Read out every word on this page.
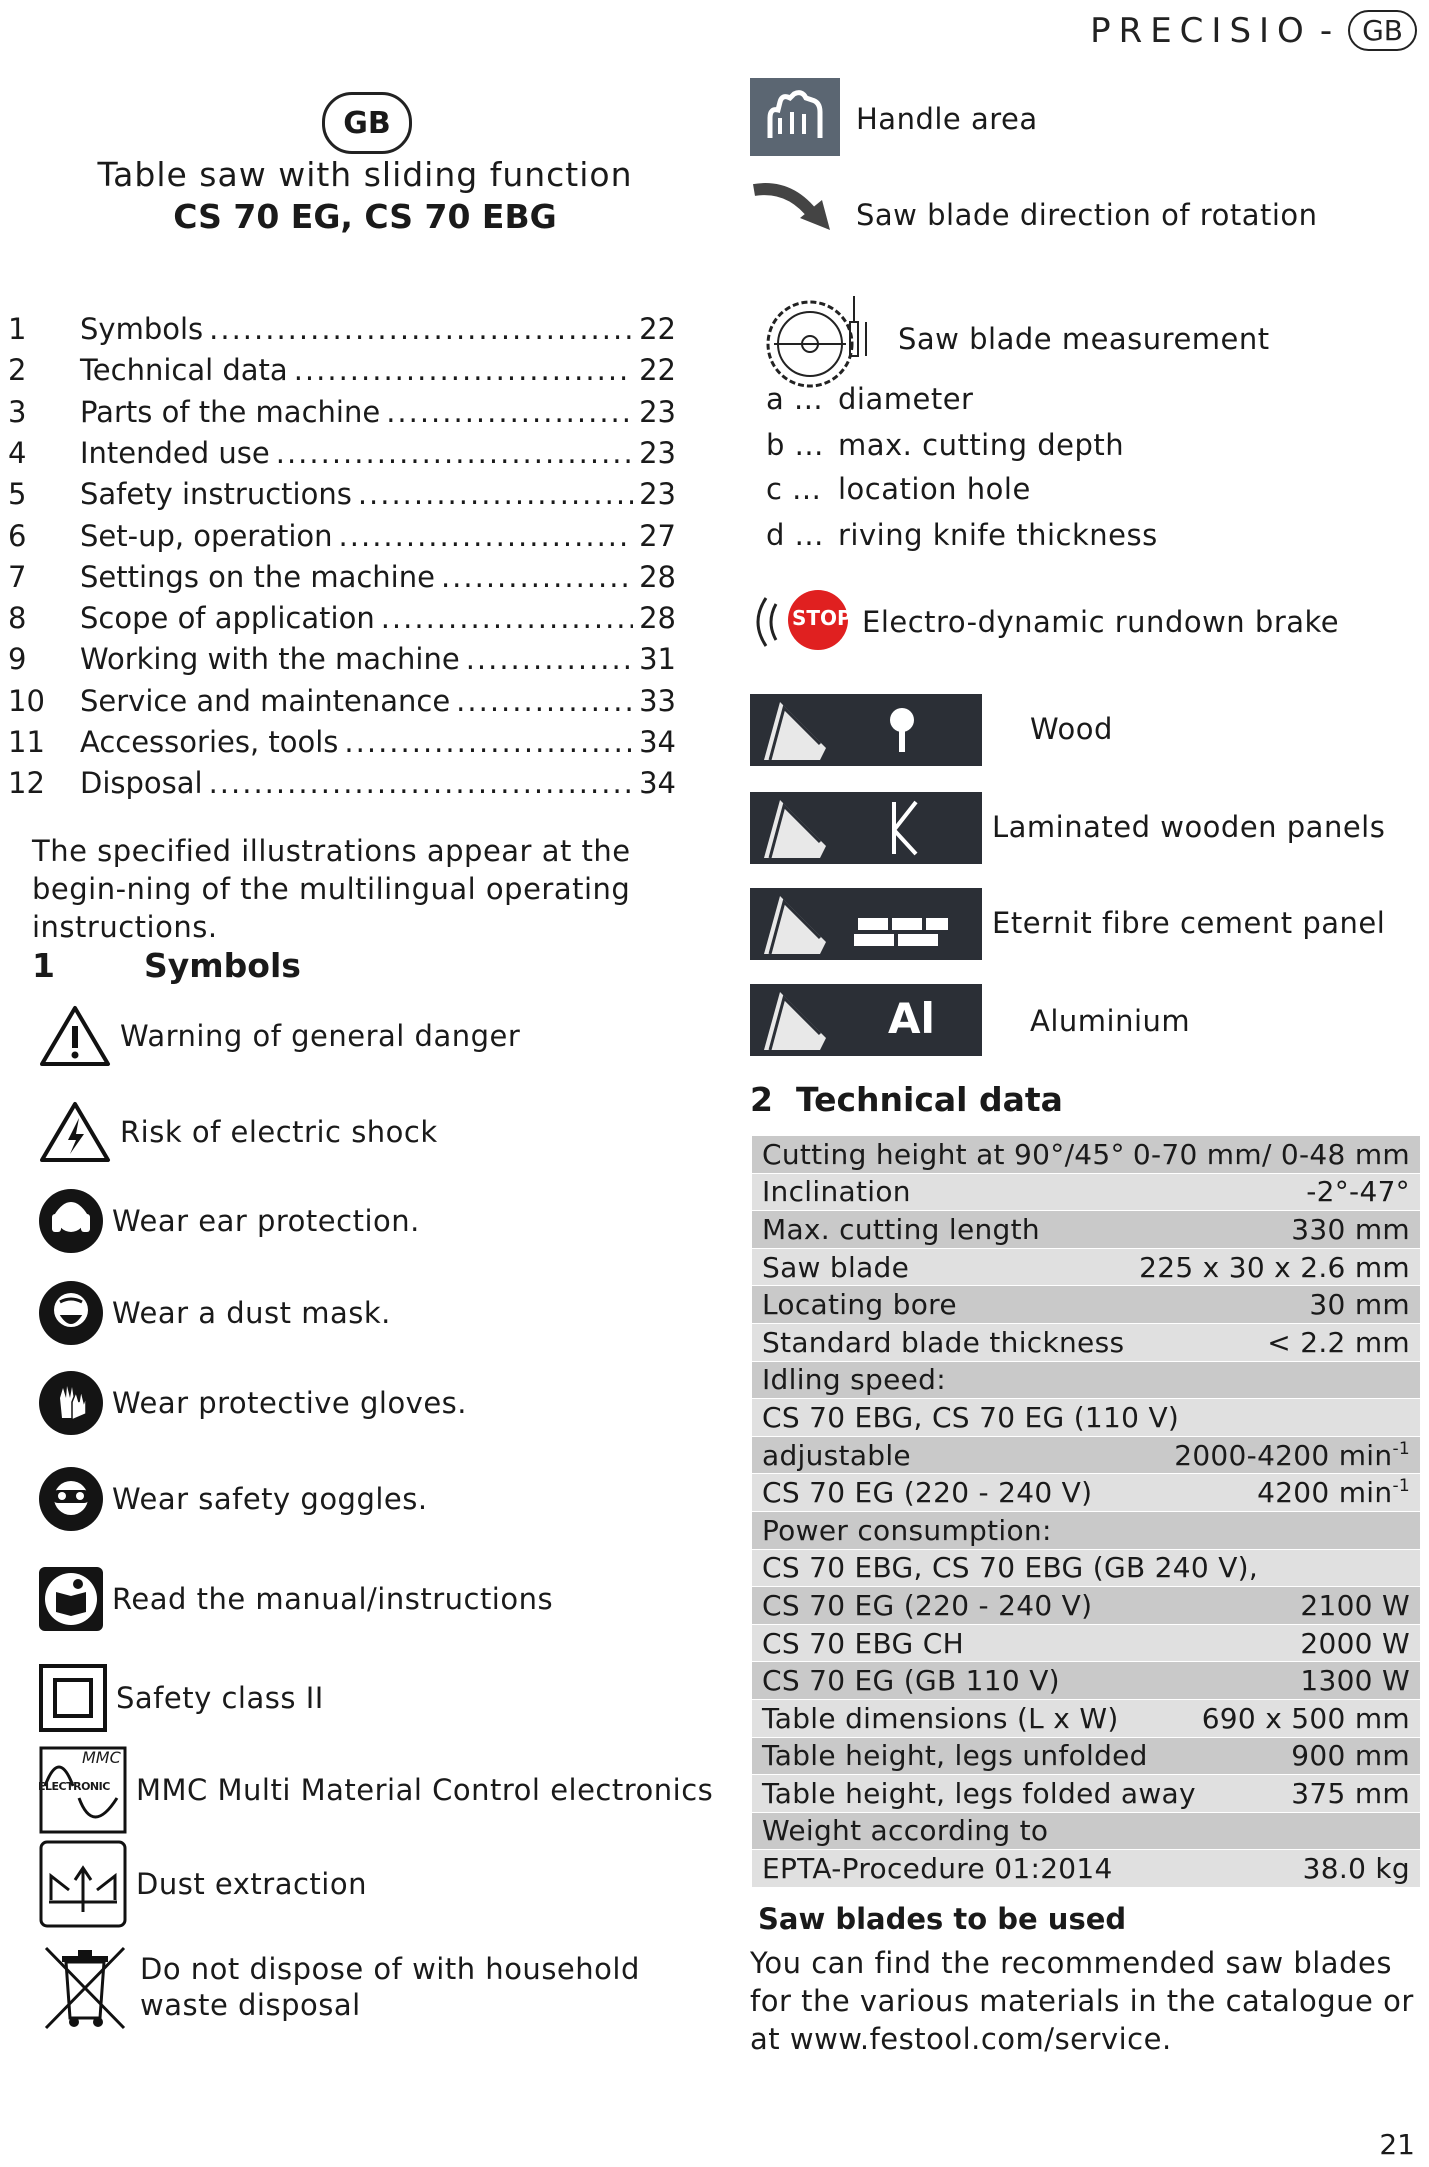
PRECISIO - GB
GB
Table saw with sliding function
CS 70 EG, CS 70 EBG
1	Symbols .....	22
2	Technical data .....	22
3	Parts of the machine .....	23
4	Intended use .....	23
5	Safety instructions .....	23
6	Set-up, operation .....	27
7	Settings on the machine .....	28
8	Scope of application .....	28
9	Working with the machine .....	31
10	Service and maintenance .....	33
11	Accessories, tools .....	34
12	Disposal .....	34
The specified illustrations appear at the begin-ning of the multilingual operating instructions.
1	Symbols
Warning of general danger
Risk of electric shock
Wear ear protection.
Wear a dust mask.
Wear protective gloves.
Wear safety goggles.
Read the manual/instructions
Safety class II
MMC
ELECTRONIC MMC Multi Material Control electronics
Dust extraction
Do not dispose of with household waste disposal
Handle area
Saw blade direction of rotation
Saw blade measurement
a ... diameter
b ... max. cutting depth
c ... location hole
d ... riving knife thickness
STOP Electro-dynamic rundown brake
Wood
Laminated wooden panels
Eternit fibre cement panel
Al	Aluminium
2 Technical data
Cutting height at 90°/45° 0-70 mm/ 0-48 mm
Inclination	-2°-47°
Max. cutting length	330 mm
Saw blade	225 x 30 x 2.6 mm
Locating bore	30 mm
Standard blade thickness	< 2.2 mm
Idling speed:
CS 70 EBG, CS 70 EG (110 V)
adjustable	2000-4200 $\min^{-1}$
CS 70 EG (220 - 240 V)	4200 $\min^{-1}$
Power consumption:
CS 70 EBG, CS 70 EBG (GB 240 V),
CS 70 EG (220 - 240 V)	2100 W
CS 70 EBG CH	2000 W
CS 70 EG (GB 110 V)	1300 W
Table dimensions (L x W)	690 x 500 mm
Table height, legs unfolded	900 mm
Table height, legs folded away	375 mm
Weight according to
EPTA-Procedure 01:2014	38.0 kg
Saw blades to be used
You can find the recommended saw blades for the various materials in the catalogue or at www.festool.com/service.
21
